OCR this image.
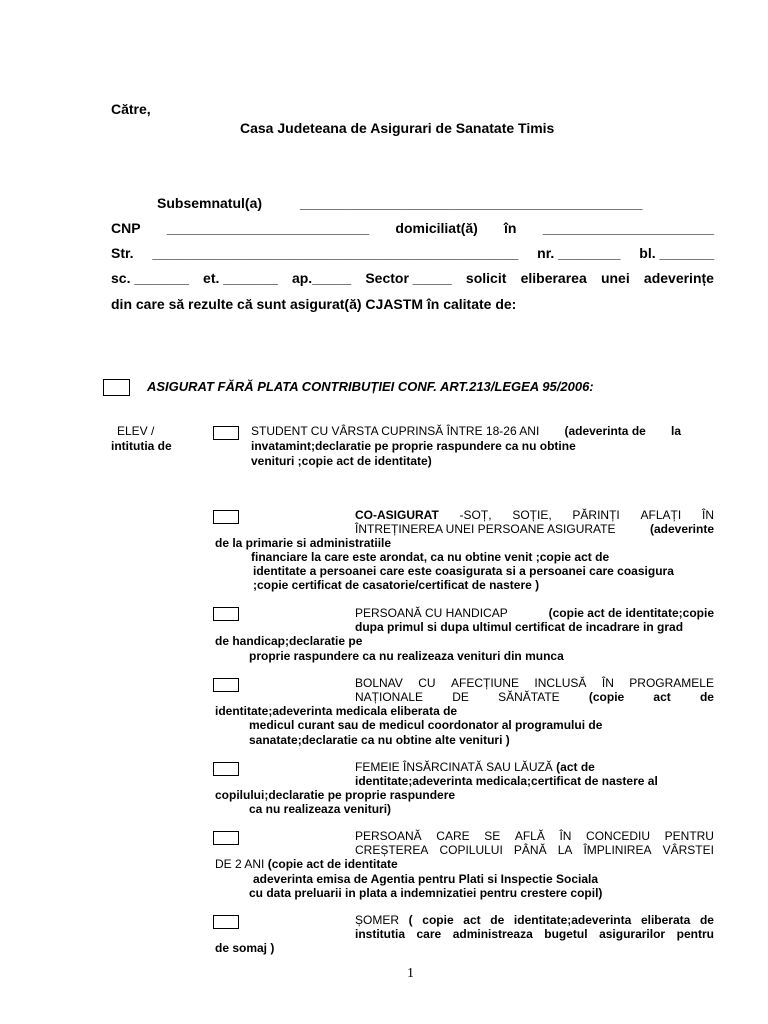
Către,
Casa Judeteana de Asigurari de Sanatate Timis
Subsemnatul(a)	____________________________________________
CNP __________________________ domiciliat(ă) în ______________________
Str. _______________________________________________ nr. ________ bl. _______
sc. _______ et. _______ ap._____ Sector _____ solicit eliberarea unei adeverințe
din care să rezulte că sunt asigurat(ă) CJASTM în calitate de:
ASIGURAT FĂRĂ PLATA CONTRIBUȚIEI CONF. ART.213/LEGEA 95/2006:
ELEV /
intitutia de
STUDENT CU VÂRSTA CUPRINSĂ ÎNTRE 18-26 ANI (adeverinta de la
invatamint;declaratie pe proprie raspundere ca nu obtine
venituri ;copie act de identitate)
CO-ASIGURAT -SOȚ, SOȚIE, PĂRINȚI AFLAȚI ÎN
ÎNTREȚINEREA UNEI PERSOANE ASIGURATE	(adeverinte
de la primarie si administratiile
financiare la care este arondat, ca nu obtine venit ;copie act de
identitate a persoanei care este coasigurata si a persoanei care coasigura
;copie certificat de casatorie/certificat de nastere )
PERSOANĂ CU HANDICAP	(copie act de identitate;copie
dupa primul si dupa ultimul certificat de incadrare in grad
de handicap;declaratie pe
proprie raspundere ca nu realizeaza venituri din munca
BOLNAV CU AFECȚIUNE INCLUSĂ ÎN PROGRAMELE
NAȚIONALE DE SĂNĂTATE (copie act de
identitate;adeverinta medicala eliberata de
medicul curant sau de medicul coordonator al programului de
sanatate;declaratie ca nu obtine alte venituri )
FEMEIE ÎNSĂRCINATĂ SAU LĂUZĂ (act de
identitate;adeverinta medicala;certificat de nastere al
copilului;declaratie pe proprie raspundere
ca nu realizeaza venituri)
PERSOANĂ CARE SE AFLĂ ÎN CONCEDIU PENTRU
CREȘTEREA COPILULUI PÂNĂ LA ÎMPLINIREA VÂRSTEI
DE 2 ANI (copie act de identitate
adeverinta emisa de Agentia pentru Plati si Inspectie Sociala
cu data preluarii in plata a indemnizatiei pentru crestere copil)
ȘOMER ( copie act de identitate;adeverinta eliberata de
institutia care administreaza bugetul asigurarilor pentru
de somaj )
1
